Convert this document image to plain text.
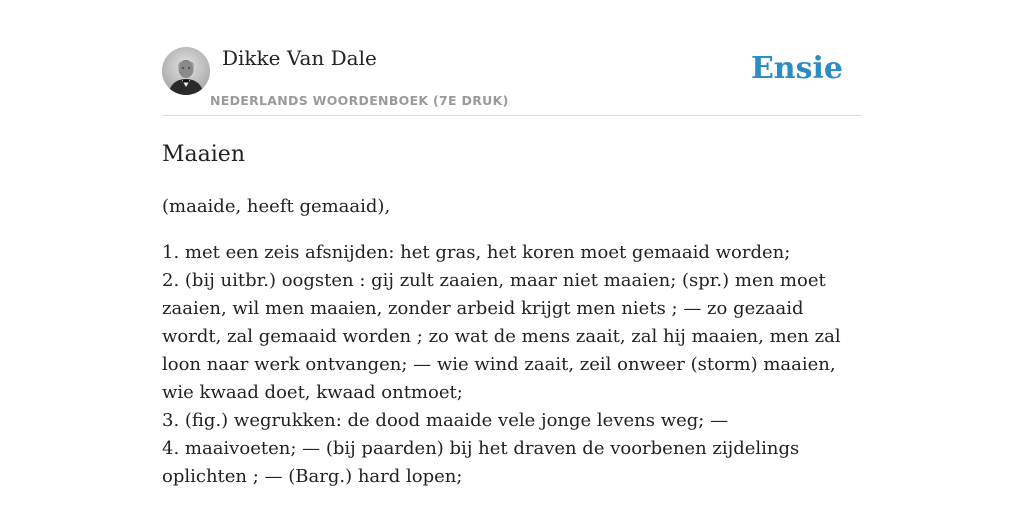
Dikke Van Dale
NEDERLANDS WOORDENBOEK (7E DRUK)
Ensie
Maaien

(maaide, heeft gemaaid),

1. met een zeis afsnijden: het gras, het koren moet gemaaid worden;
2. (bij uitbr.) oogsten : gij zult zaaien, maar niet maaien; (spr.) men moet zaaien, wil men maaien, zonder arbeid krijgt men niets ; — zo gezaaid wordt, zal gemaaid worden ; zo wat de mens zaait, zal hij maaien, men zal loon naar werk ontvangen; — wie wind zaait, zeil onweer (storm) maaien, wie kwaad doet, kwaad ontmoet;
3. (fig.) wegrukken: de dood maaide vele jonge levens weg; —
4. maaivoeten; — (bij paarden) bij het draven de voorbenen zijdelings oplichten ; — (Barg.) hard lopen;
